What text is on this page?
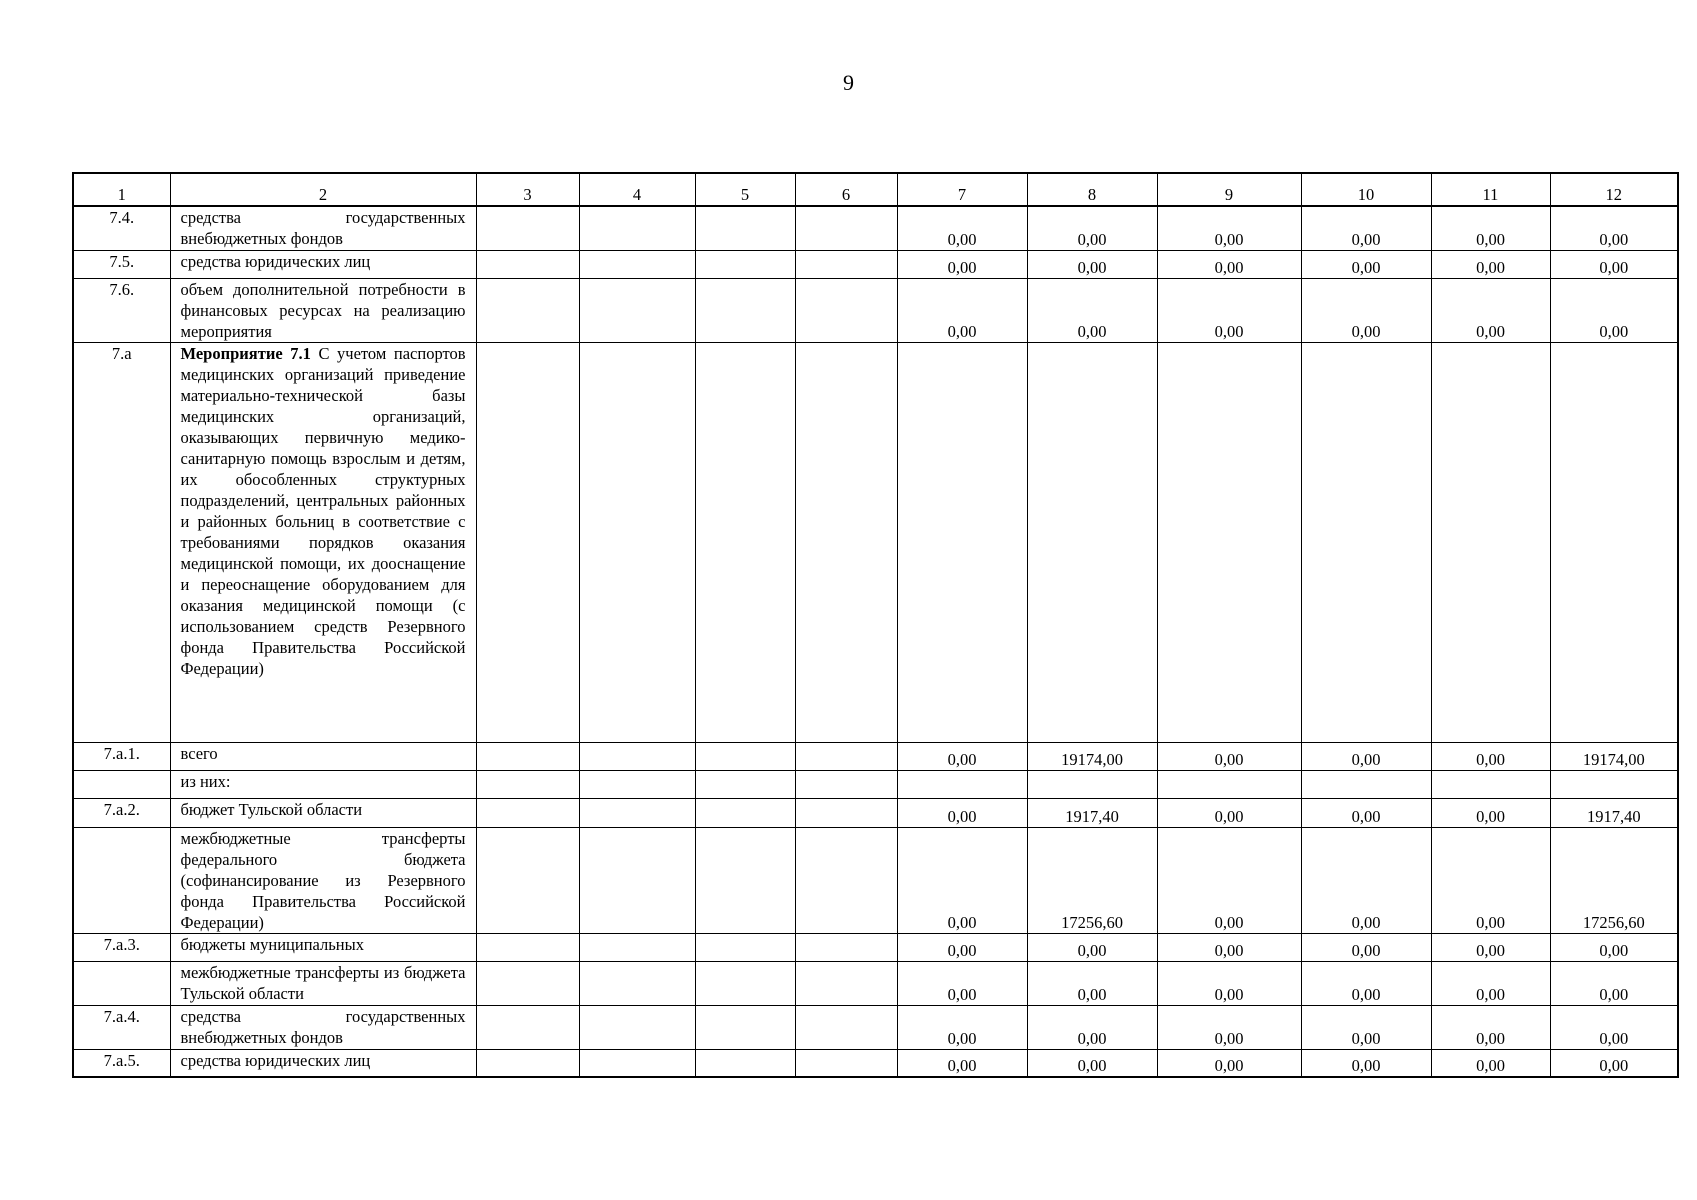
9
1	2	3	4	5	6	7	8	9	10	11	12
7.4.	средства государственных внебюджетных фондов					0,00	0,00	0,00	0,00	0,00	0,00
7.5.	средства юридических лиц					0,00	0,00	0,00	0,00	0,00	0,00
7.6.	объем дополнительной потребности в финансовых ресурсах на реализацию мероприятия					0,00	0,00	0,00	0,00	0,00	0,00
7.а	Мероприятие 7.1 С учетом паспортов медицинских организаций приведение материально-технической базы медицинских организаций, оказывающих первичную медико-санитарную помощь взрослым и детям, их обособленных структурных подразделений, центральных районных и районных больниц в соответствие с требованиями порядков оказания медицинской помощи, их дооснащение и переоснащение оборудованием для оказания медицинской помощи (с использованием средств Резервного фонда Правительства Российской Федерации)										
7.а.1.	всего					0,00	19174,00	0,00	0,00	0,00	19174,00
	из них:										
7.а.2.	бюджет Тульской области					0,00	1917,40	0,00	0,00	0,00	1917,40
	межбюджетные трансферты федерального бюджета (софинансирование из Резервного фонда Правительства Российской Федерации)					0,00	17256,60	0,00	0,00	0,00	17256,60
7.а.3.	бюджеты муниципальных					0,00	0,00	0,00	0,00	0,00	0,00
	межбюджетные трансферты из бюджета Тульской области					0,00	0,00	0,00	0,00	0,00	0,00
7.а.4.	средства государственных внебюджетных фондов					0,00	0,00	0,00	0,00	0,00	0,00
7.а.5.	средства юридических лиц					0,00	0,00	0,00	0,00	0,00	0,00
